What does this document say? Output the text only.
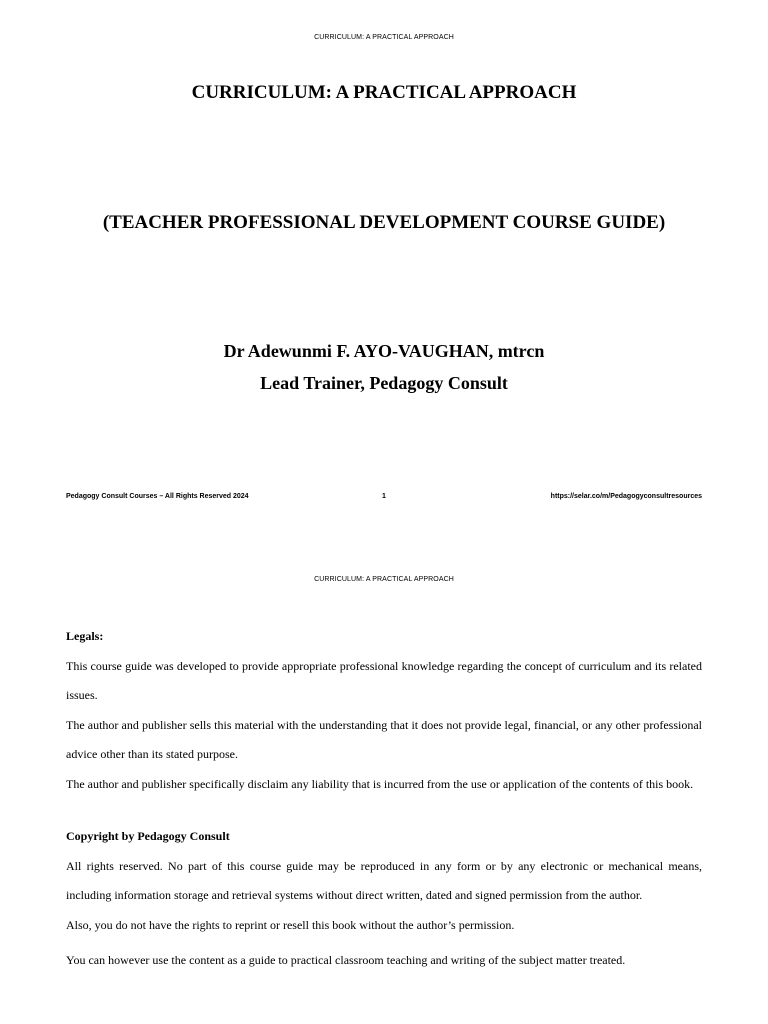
CURRICULUM: A PRACTICAL APPROACH
CURRICULUM: A PRACTICAL APPROACH
(TEACHER PROFESSIONAL DEVELOPMENT COURSE GUIDE)
Dr Adewunmi F. AYO-VAUGHAN, mtrcn
Lead Trainer, Pedagogy Consult
Pedagogy Consult Courses – All Rights Reserved 2024	1	https://selar.co/m/Pedagogyconsultresources
CURRICULUM: A PRACTICAL APPROACH

Legals:

This course guide was developed to provide appropriate professional knowledge regarding the concept of curriculum and its related issues.

The author and publisher sells this material with the understanding that it does not provide legal, financial, or any other professional advice other than its stated purpose.

The author and publisher specifically disclaim any liability that is incurred from the use or application of the contents of this book.

Copyright by Pedagogy Consult

All rights reserved. No part of this course guide may be reproduced in any form or by any electronic or mechanical means, including information storage and retrieval systems without direct written, dated and signed permission from the author.

Also, you do not have the rights to reprint or resell this book without the author’s permission.

You can however use the content as a guide to practical classroom teaching and writing of the subject matter treated.
